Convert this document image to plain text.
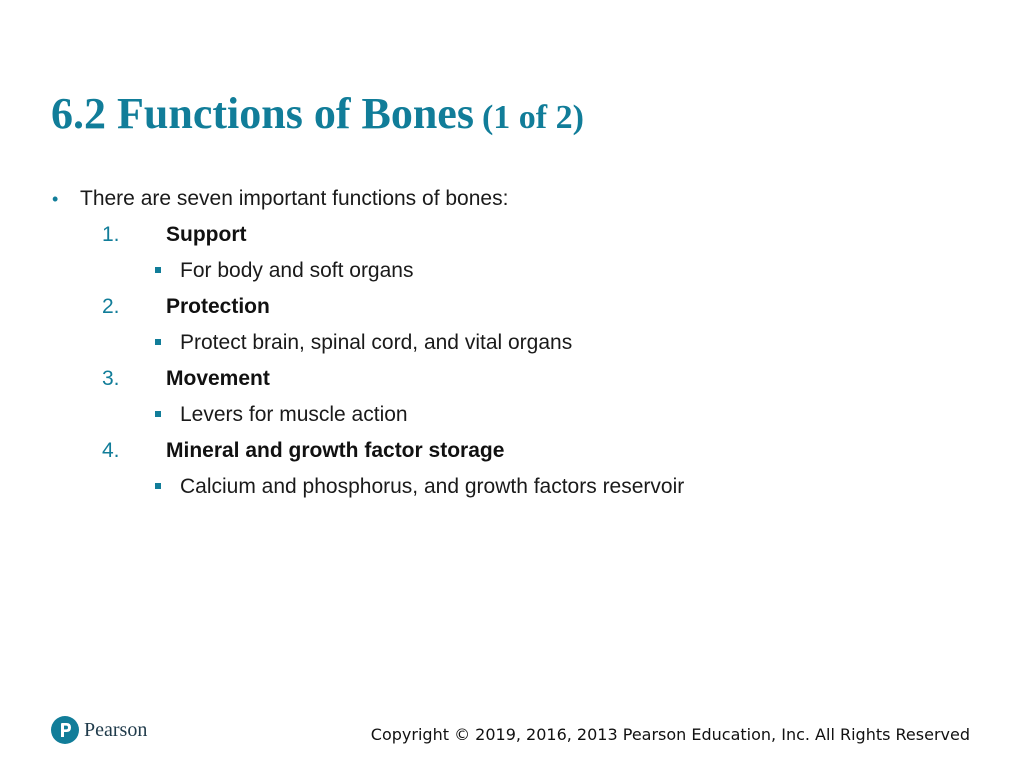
6.2 Functions of Bones (1 of 2)
• There are seven important functions of bones:
1. Support
For body and soft organs
2. Protection
Protect brain, spinal cord, and vital organs
3. Movement
Levers for muscle action
4. Mineral and growth factor storage
Calcium and phosphorus, and growth factors reservoir
Pearson	Copyright © 2019, 2016, 2013 Pearson Education, Inc. All Rights Reserved
